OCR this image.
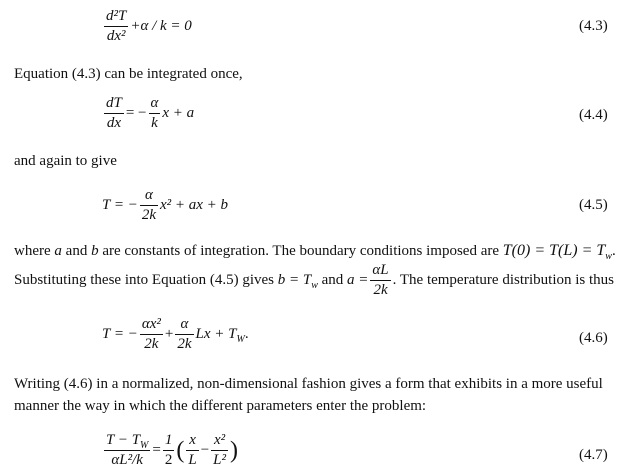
$\frac{\text{d²T}}{\text{dx²}} +\alpha / k = 0$	(4.3)
Equation (4.3) can be integrated once,
$\frac{dT}{dx}$ = − $\frac{\alpha}{k}$ x + a	(4.4)
and again to give
T = − $\frac{\alpha}{2k} x^2$ + ax + b	(4.5)
where a and b are constants of integration. The boundary conditions imposed are $T(0) = T(L) = T_w$.
Substituting these into Equation (4.5) gives $b = T_w$ and $a = \frac{\alpha L}{2k}$ . The temperature distribution is thus
T = − $\frac{\text{αx²}}{2k} + \frac{\alpha}{2k}$ $Lx + T_W$.	(4.6)
Writing (4.6) in a normalized, non-dimensional fashion gives a form that exhibits in a more useful
manner the way in which the different parameters enter the problem:
$\frac{T - T_W}{\text{αL²/k}} = \frac{1}{2}$ ( $\frac{x}{L} - \frac{\text{x²}}{\text{L²}}$ )	(4.7)
